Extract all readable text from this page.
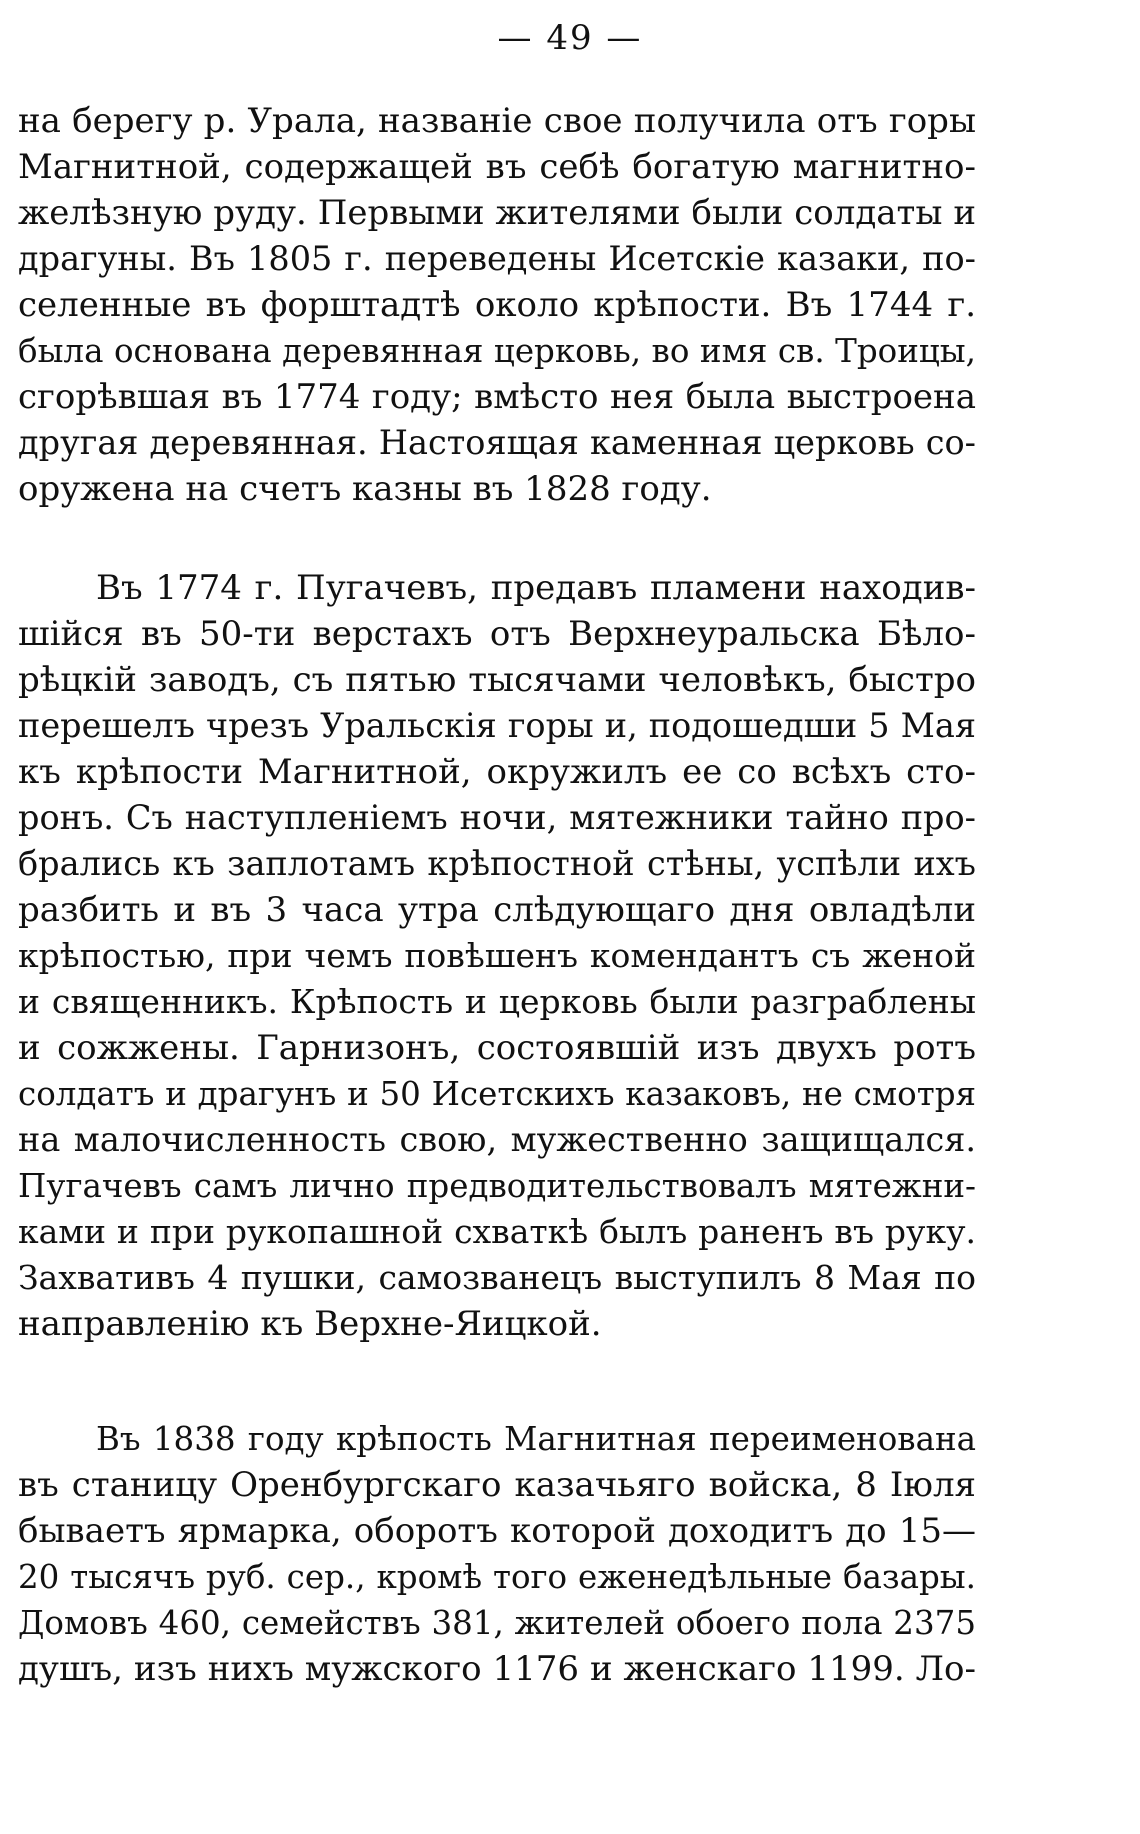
— 49 —
на берегу р. Урала, названіе свое получила отъ горы
Магнитной, содержащей въ себѣ богатую магнитно-
желѣзную руду. Первыми жителями были солдаты и
драгуны. Въ 1805 г. переведены Исетскіе казаки, по-
селенные въ форштадтѣ около крѣпости. Въ 1744 г.
была основана деревянная церковь, во имя св. Троицы,
сгорѣвшая въ 1774 году; вмѣсто нея была выстроена
другая деревянная. Настоящая каменная церковь со-
оружена на счетъ казны въ 1828 году.
Въ 1774 г. Пугачевъ, предавъ пламени находив-
шійся въ 50-ти верстахъ отъ Верхнеуральска Бѣло-
рѣцкій заводъ, съ пятью тысячами человѣкъ, быстро
перешелъ чрезъ Уральскія горы и, подошедши 5 Мая
къ крѣпости Магнитной, окружилъ ее со всѣхъ сто-
ронъ. Съ наступленіемъ ночи, мятежники тайно про-
брались къ заплотамъ крѣпостной стѣны, успѣли ихъ
разбить и въ 3 часа утра слѣдующаго дня овладѣли
крѣпостью, при чемъ повѣшенъ комендантъ съ женой
и священникъ. Крѣпость и церковь были разграблены
и сожжены. Гарнизонъ, состоявшій изъ двухъ ротъ
солдатъ и драгунъ и 50 Исетскихъ казаковъ, не смотря
на малочисленность свою, мужественно защищался.
Пугачевъ самъ лично предводительствовалъ мятежни-
ками и при рукопашной схваткѣ былъ раненъ въ руку.
Захвативъ 4 пушки, самозванецъ выступилъ 8 Мая по
направленію къ Верхне-Яицкой.
Въ 1838 году крѣпость Магнитная переименована
въ станицу Оренбургскаго казачьяго войска, 8 Іюля
бываетъ ярмарка, оборотъ которой доходитъ до 15—
20 тысячъ руб. сер., кромѣ того еженедѣльные базары.
Домовъ 460, семействъ 381, жителей обоего пола 2375
душъ, изъ нихъ мужского 1176 и женскаго 1199. Ло-
